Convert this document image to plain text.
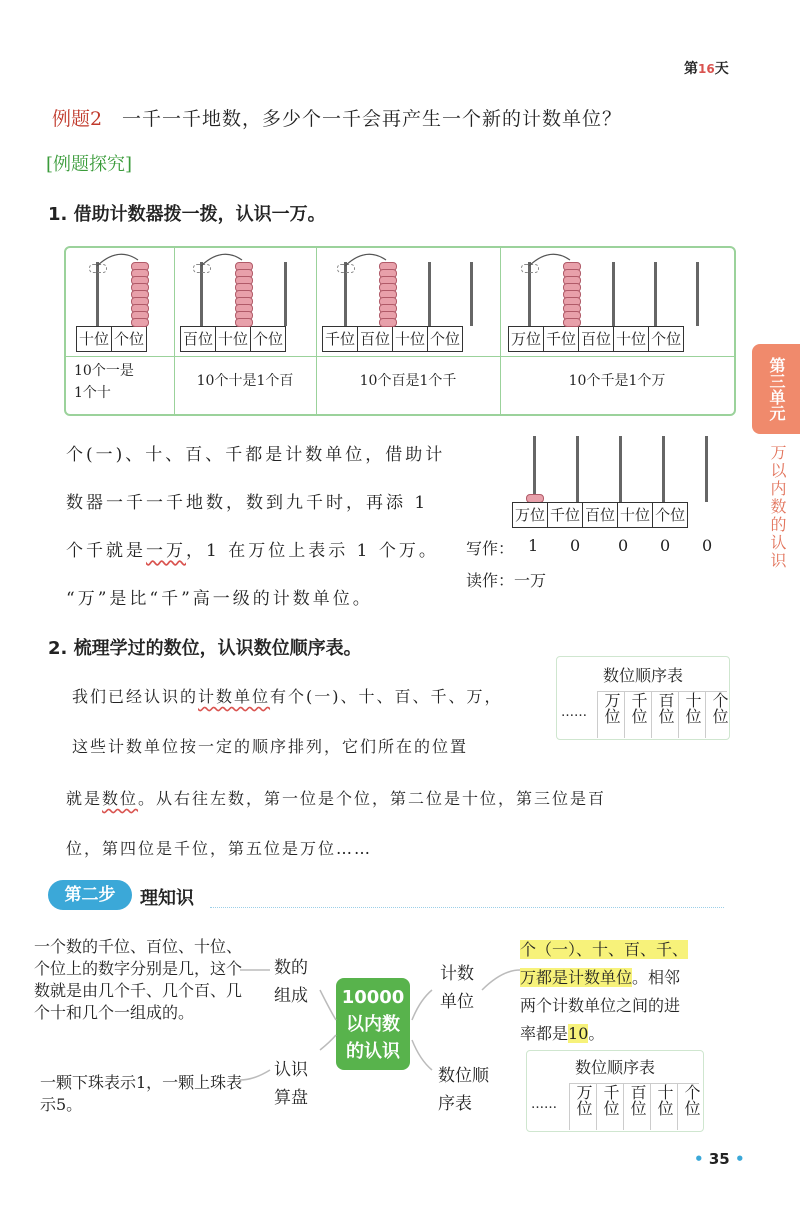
第16天
例题2 一千一千地数，多少个一千会再产生一个新的计数单位？
[例题探究]
1. 借助计数器拨一拨，认识一万。
十位 个位
10个一是
1个十
百位 十位 个位
10个十是1个百
千位 百位 十位 个位
10个百是1个千
万位 千位 百位 十位 个位
10个千是1个万
个(一)、十、百、千都是计数单位，借助计
数器一千一千地数，数到九千时，再添 1
个千就是一万，1 在万位上表示 1 个万。
“万”是比“千”高一级的计数单位。
万位 千位 百位 十位 个位
写作： 1 0 0 0 0
读作：一万
2. 梳理学过的数位，认识数位顺序表。
我们已经认识的计数单位有个(一)、十、百、千、万，
这些计数单位按一定的顺序排列，它们所在的位置
就是数位。从右往左数，第一位是个位，第二位是十位，第三位是百
位，第四位是千位，第五位是万位……
数位顺序表
…… 万位 千位 百位 十位 个位
第二步	理知识
一个数的千位、百位、十位、个位上的数字分别是几，这个数就是由几个千、几个百、几个十和几个一组成的。
一颗下珠表示1，一颗上珠表示5。
数的
组成
认识
算盘
10000
以内数
的认识
计数
单位
数位顺
序表
个（一）、十、百、千、
万都是计数单位。相邻
两个计数单位之间的进
率都是10。
数位顺序表
……	万位 千位 百位 十位 个位
第三单元
万以内数的认识
• 35 •
